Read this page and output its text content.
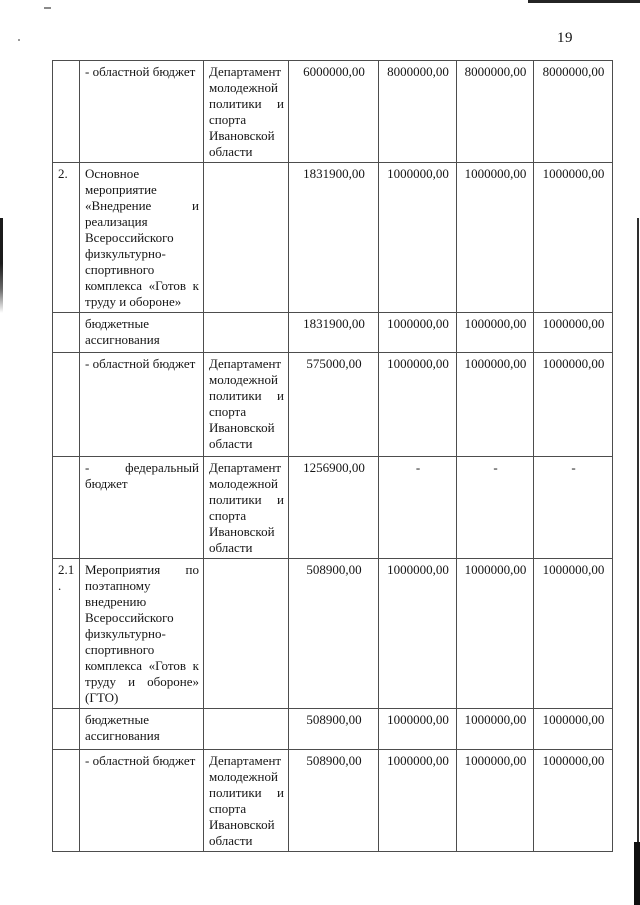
19
	- областной бюджет	Департамент молодежной политики и спорта Ивановской области	6000000,00	8000000,00	8000000,00	8000000,00
2.	Основное мероприятие «Внедрение и реализация Всероссийского физкультурно-спортивного комплекса «Готов к труду и обороне»		1831900,00	1000000,00	1000000,00	1000000,00
	бюджетные ассигнования		1831900,00	1000000,00	1000000,00	1000000,00
	- областной бюджет	Департамент молодежной политики и спорта Ивановской области	575000,00	1000000,00	1000000,00	1000000,00
	- федеральный бюджет	Департамент молодежной политики и спорта Ивановской области	1256900,00	-	-	-
2.1.	Мероприятия по поэтапному внедрению Всероссийского физкультурно-спортивного комплекса «Готов к труду и обороне» (ГТО)		508900,00	1000000,00	1000000,00	1000000,00
	бюджетные ассигнования		508900,00	1000000,00	1000000,00	1000000,00
	- областной бюджет	Департамент молодежной политики и спорта Ивановской области	508900,00	1000000,00	1000000,00	1000000,00
